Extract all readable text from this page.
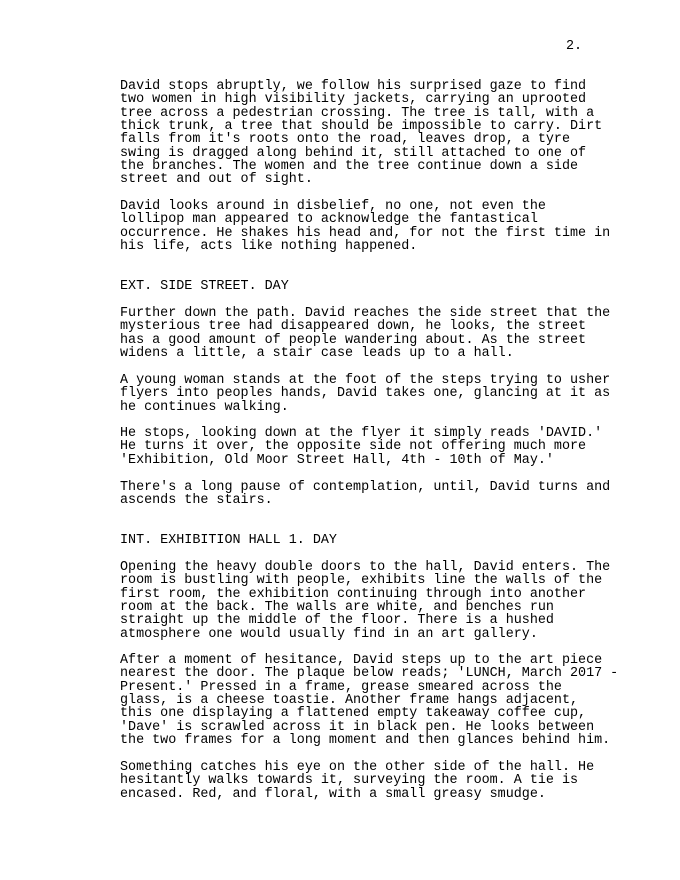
2.
David stops abruptly, we follow his surprised gaze to find
two women in high visibility jackets, carrying an uprooted
tree across a pedestrian crossing. The tree is tall, with a
thick trunk, a tree that should be impossible to carry. Dirt
falls from it's roots onto the road, leaves drop, a tyre
swing is dragged along behind it, still attached to one of
the branches. The women and the tree continue down a side
street and out of sight.
David looks around in disbelief, no one, not even the
lollipop man appeared to acknowledge the fantastical
occurrence. He shakes his head and, for not the first time in
his life, acts like nothing happened.
EXT. SIDE STREET. DAY
Further down the path. David reaches the side street that the
mysterious tree had disappeared down, he looks, the street
has a good amount of people wandering about. As the street
widens a little, a stair case leads up to a hall.
A young woman stands at the foot of the steps trying to usher
flyers into peoples hands, David takes one, glancing at it as
he continues walking.
He stops, looking down at the flyer it simply reads 'DAVID.'
He turns it over, the opposite side not offering much more
'Exhibition, Old Moor Street Hall, 4th - 10th of May.'
There's a long pause of contemplation, until, David turns and
ascends the stairs.
INT. EXHIBITION HALL 1. DAY
Opening the heavy double doors to the hall, David enters. The
room is bustling with people, exhibits line the walls of the
first room, the exhibition continuing through into another
room at the back. The walls are white, and benches run
straight up the middle of the floor. There is a hushed
atmosphere one would usually find in an art gallery.
After a moment of hesitance, David steps up to the art piece
nearest the door. The plaque below reads; 'LUNCH, March 2017 -
Present.' Pressed in a frame, grease smeared across the
glass, is a cheese toastie. Another frame hangs adjacent,
this one displaying a flattened empty takeaway coffee cup,
'Dave' is scrawled across it in black pen. He looks between
the two frames for a long moment and then glances behind him.
Something catches his eye on the other side of the hall. He
hesitantly walks towards it, surveying the room. A tie is
encased. Red, and floral, with a small greasy smudge.
